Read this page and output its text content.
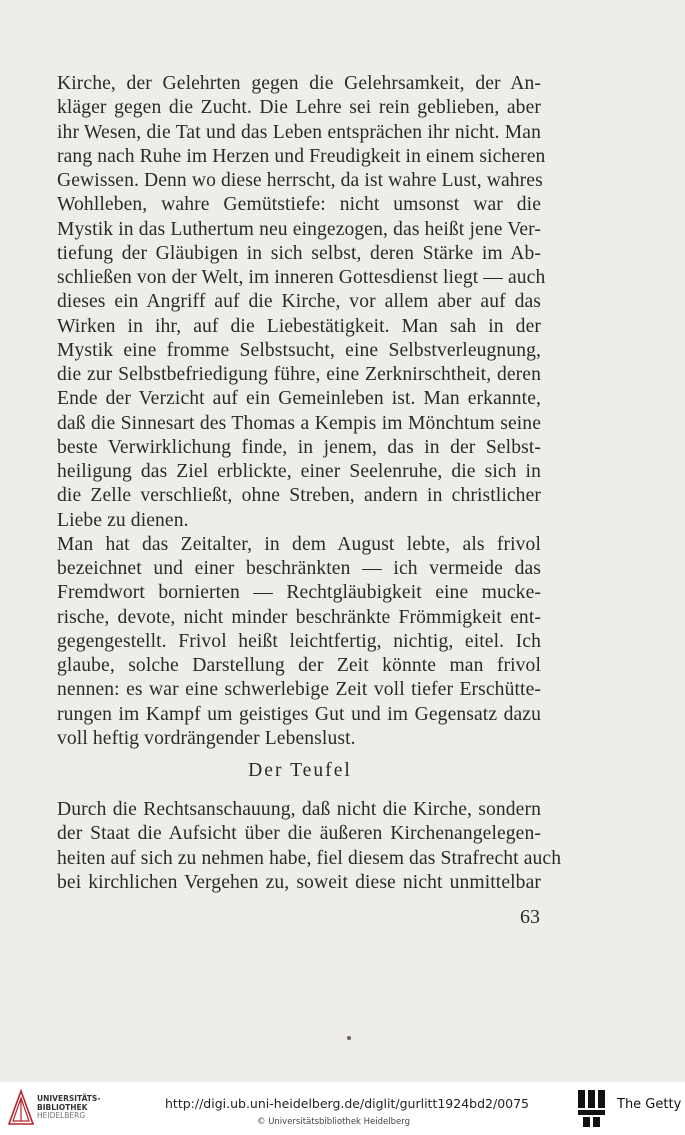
Kirche, der Gelehrten gegen die Gelehrsamkeit, der An-
kläger gegen die Zucht. Die Lehre sei rein geblieben, aber
ihr Wesen, die Tat und das Leben entsprächen ihr nicht. Man
rang nach Ruhe im Herzen und Freudigkeit in einem sicheren
Gewissen. Denn wo diese herrscht, da ist wahre Lust, wahres
Wohlleben, wahre Gemütstiefe: nicht umsonst war die
Mystik in das Luthertum neu eingezogen, das heißt jene Ver-
tiefung der Gläubigen in sich selbst, deren Stärke im Ab-
schließen von der Welt, im inneren Gottesdienst liegt — auch
dieses ein Angriff auf die Kirche, vor allem aber auf das
Wirken in ihr, auf die Liebestätigkeit. Man sah in der
Mystik eine fromme Selbstsucht, eine Selbstverleugnung,
die zur Selbstbefriedigung führe, eine Zerknirschtheit, deren
Ende der Verzicht auf ein Gemeinleben ist. Man erkannte,
daß die Sinnesart des Thomas a Kempis im Mönchtum seine
beste Verwirklichung finde, in jenem, das in der Selbst-
heiligung das Ziel erblickte, einer Seelenruhe, die sich in
die Zelle verschließt, ohne Streben, andern in christlicher
Liebe zu dienen.
Man hat das Zeitalter, in dem August lebte, als frivol
bezeichnet und einer beschränkten — ich vermeide das
Fremdwort bornierten — Rechtgläubigkeit eine mucke-
rische, devote, nicht minder beschränkte Frömmigkeit ent-
gegengestellt. Frivol heißt leichtfertig, nichtig, eitel. Ich
glaube, solche Darstellung der Zeit könnte man frivol
nennen: es war eine schwerlebige Zeit voll tiefer Erschütte-
rungen im Kampf um geistiges Gut und im Gegensatz dazu
voll heftig vordrängender Lebenslust.
Der Teufel
Durch die Rechtsanschauung, daß nicht die Kirche, sondern
der Staat die Aufsicht über die äußeren Kirchenangelegen-
heiten auf sich zu nehmen habe, fiel diesem das Strafrecht auch
bei kirchlichen Vergehen zu, soweit diese nicht unmittelbar
63
UNIVERSITÄTS-
BIBLIOTHEK
HEIDELBERG
http://digi.ub.uni-heidelberg.de/diglit/gurlitt1924bd2/0075
© Universitätsbibliothek Heidelberg
The Getty
